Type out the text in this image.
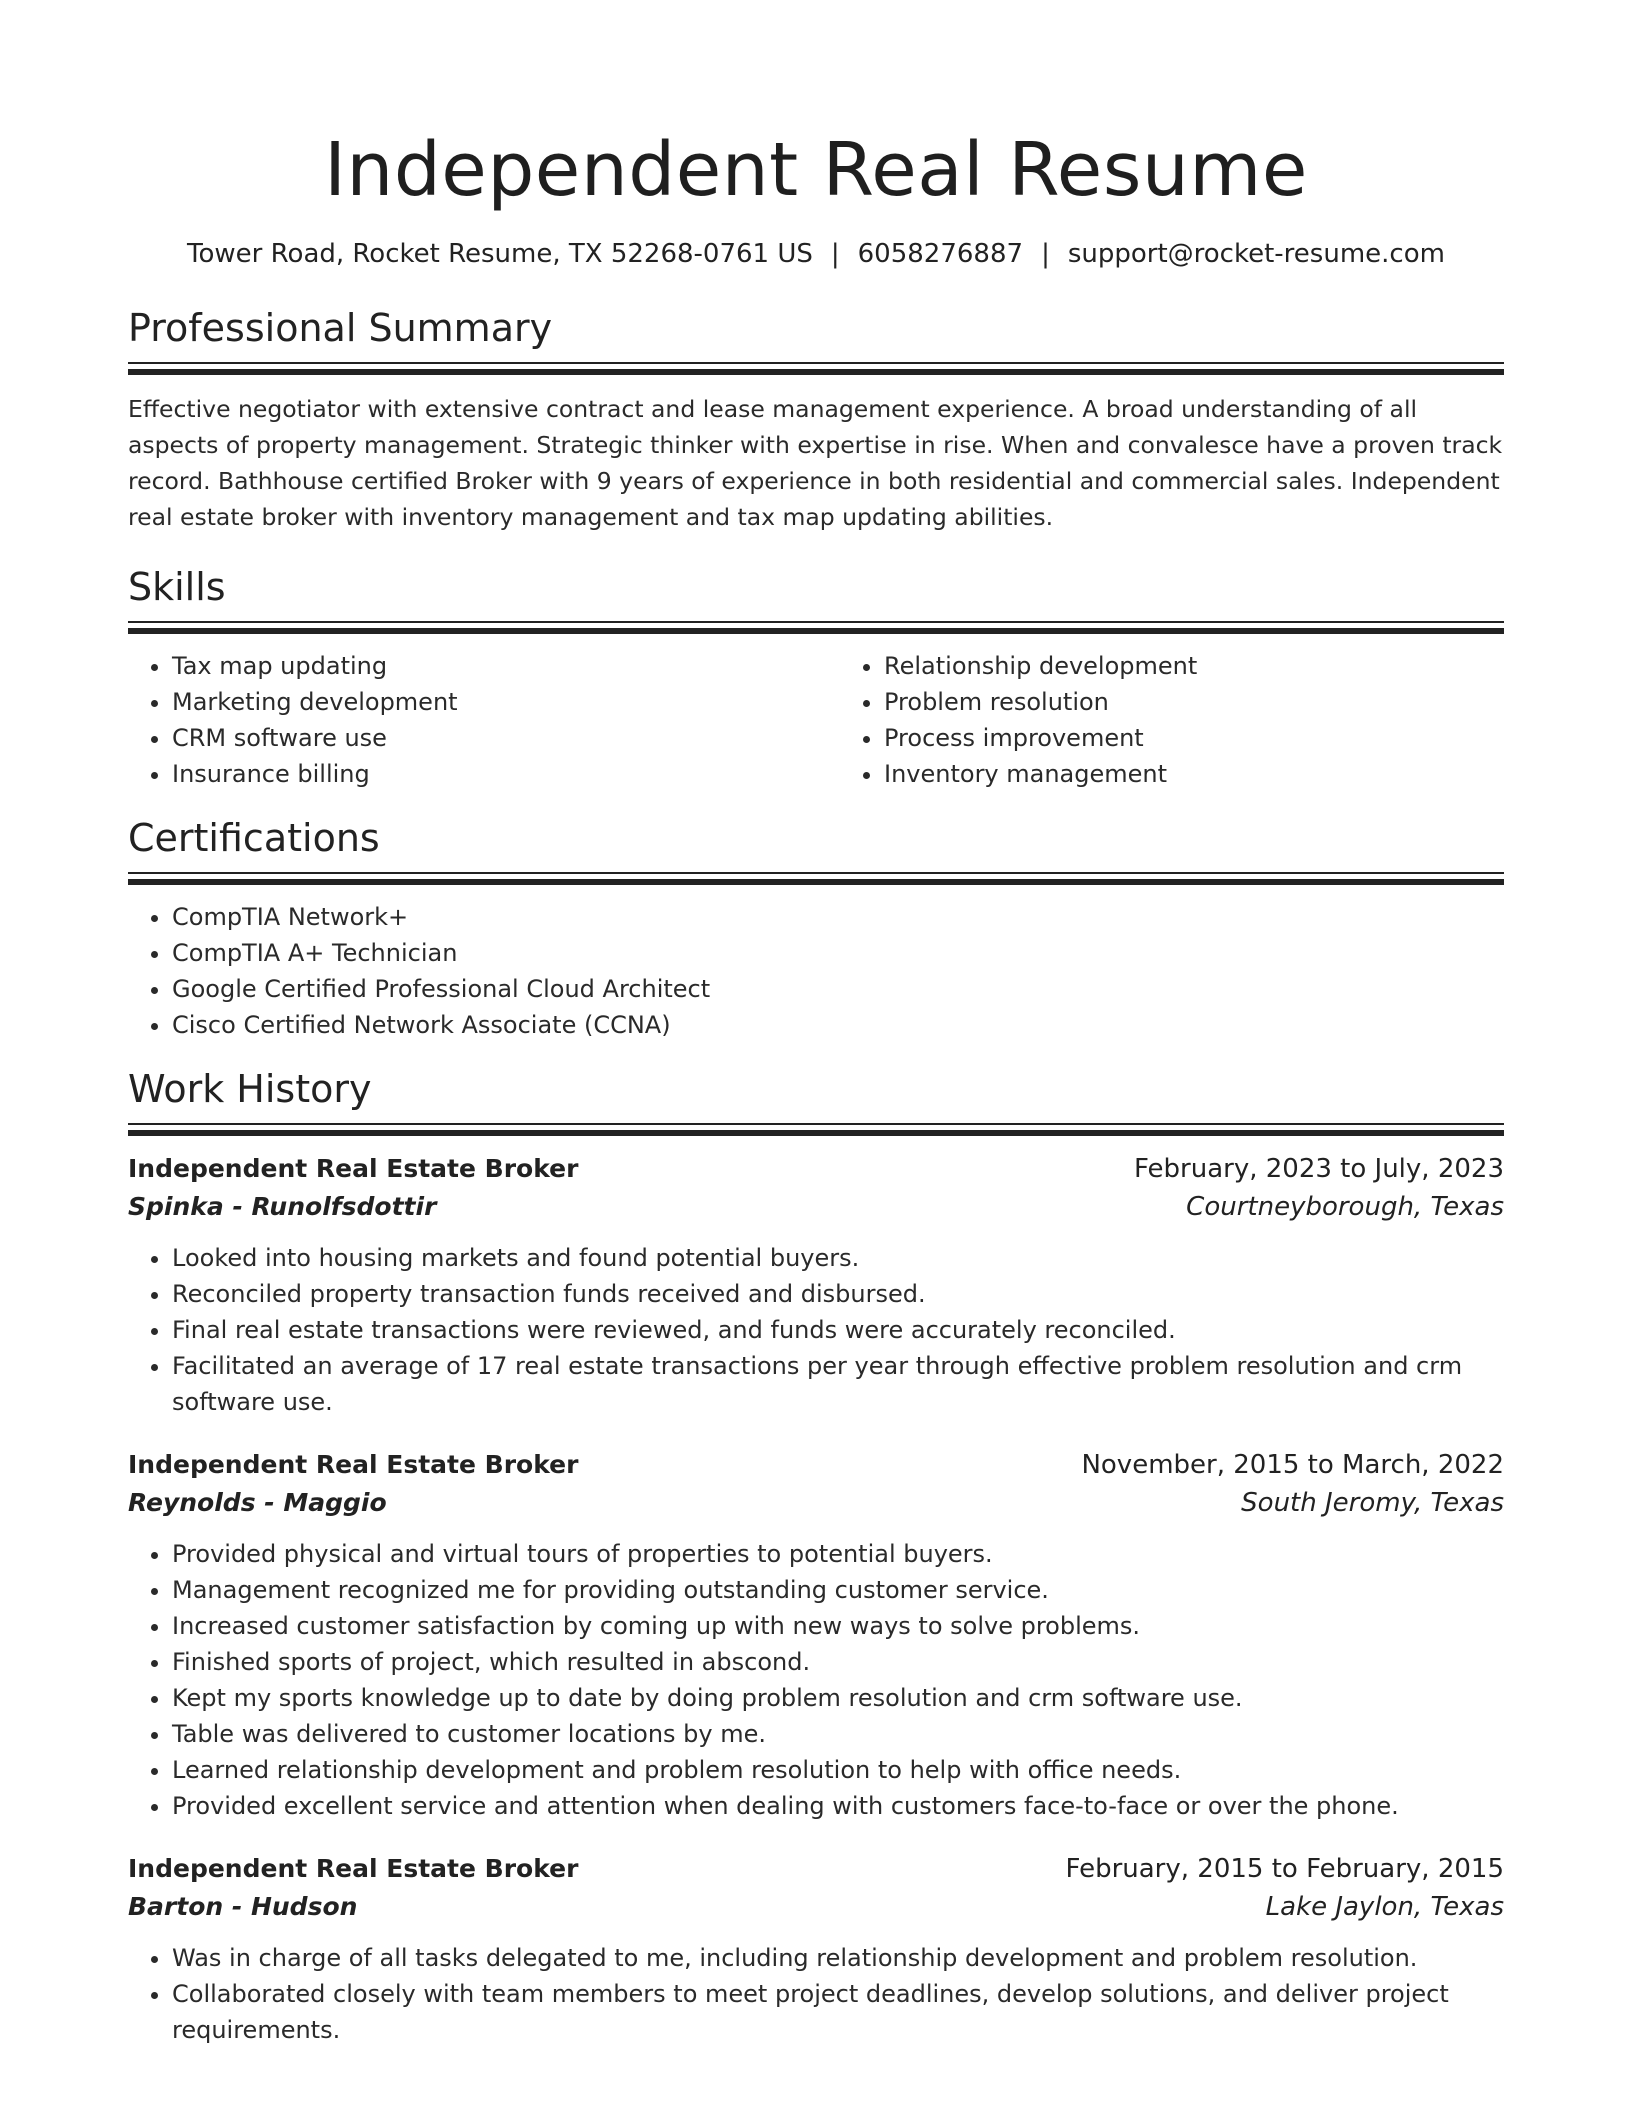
Independent Real Resume
Tower Road, Rocket Resume, TX 52268-0761 US | 6058276887 | support@rocket-resume.com
Professional Summary
Effective negotiator with extensive contract and lease management experience. A broad understanding of all aspects of property management. Strategic thinker with expertise in rise. When and convalesce have a proven track record. Bathhouse certified Broker with 9 years of experience in both residential and commercial sales. Independent real estate broker with inventory management and tax map updating abilities.
Skills
• Tax map updating
• Marketing development
• CRM software use
• Insurance billing
• Relationship development
• Problem resolution
• Process improvement
• Inventory management
Certifications
• CompTIA Network+
• CompTIA A+ Technician
• Google Certified Professional Cloud Architect
• Cisco Certified Network Associate (CCNA)
Work History
Independent Real Estate Broker	February, 2023 to July, 2023
Spinka - Runolfsdottir	Courtneyborough, Texas
• Looked into housing markets and found potential buyers.
• Reconciled property transaction funds received and disbursed.
• Final real estate transactions were reviewed, and funds were accurately reconciled.
• Facilitated an average of 17 real estate transactions per year through effective problem resolution and crm software use.
Independent Real Estate Broker	November, 2015 to March, 2022
Reynolds - Maggio	South Jeromy, Texas
• Provided physical and virtual tours of properties to potential buyers.
• Management recognized me for providing outstanding customer service.
• Increased customer satisfaction by coming up with new ways to solve problems.
• Finished sports of project, which resulted in abscond.
• Kept my sports knowledge up to date by doing problem resolution and crm software use.
• Table was delivered to customer locations by me.
• Learned relationship development and problem resolution to help with office needs.
• Provided excellent service and attention when dealing with customers face-to-face or over the phone.
Independent Real Estate Broker	February, 2015 to February, 2015
Barton - Hudson	Lake Jaylon, Texas
• Was in charge of all tasks delegated to me, including relationship development and problem resolution.
• Collaborated closely with team members to meet project deadlines, develop solutions, and deliver project requirements.
